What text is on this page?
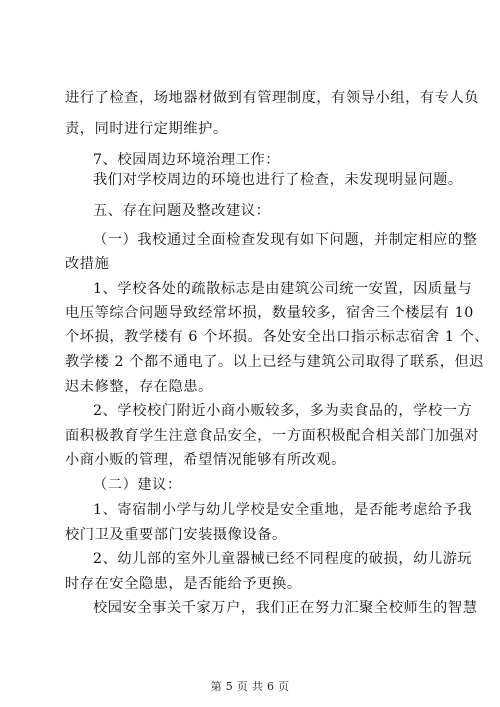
进行了检查，场地器材做到有管理制度，有领导小组，有专人负
责，同时进行定期维护。
7、校园周边环境治理工作：
我们对学校周边的环境也进行了检查，未发现明显问题。
五、存在问题及整改建议：
（一）我校通过全面检查发现有如下问题，并制定相应的整
改措施
1、学校各处的疏散标志是由建筑公司统一安置，因质量与
电压等综合问题导致经常坏损，数量较多，宿舍三个楼层有 10
个坏损，教学楼有 6 个坏损。各处安全出口指示标志宿舍 1 个、
教学楼 2 个都不通电了。以上已经与建筑公司取得了联系，但迟
迟未修整，存在隐患。
2、学校校门附近小商小贩较多，多为卖食品的，学校一方
面积极教育学生注意食品安全，一方面积极配合相关部门加强对
小商小贩的管理，希望情况能够有所改观。
（二）建议：
1、寄宿制小学与幼儿学校是安全重地，是否能考虑给予我
校门卫及重要部门安装摄像设备。
2、幼儿部的室外儿童器械已经不同程度的破损，幼儿游玩
时存在安全隐患，是否能给予更换。
校园安全事关千家万户，我们正在努力汇聚全校师生的智慧
第 5 页 共 6 页
